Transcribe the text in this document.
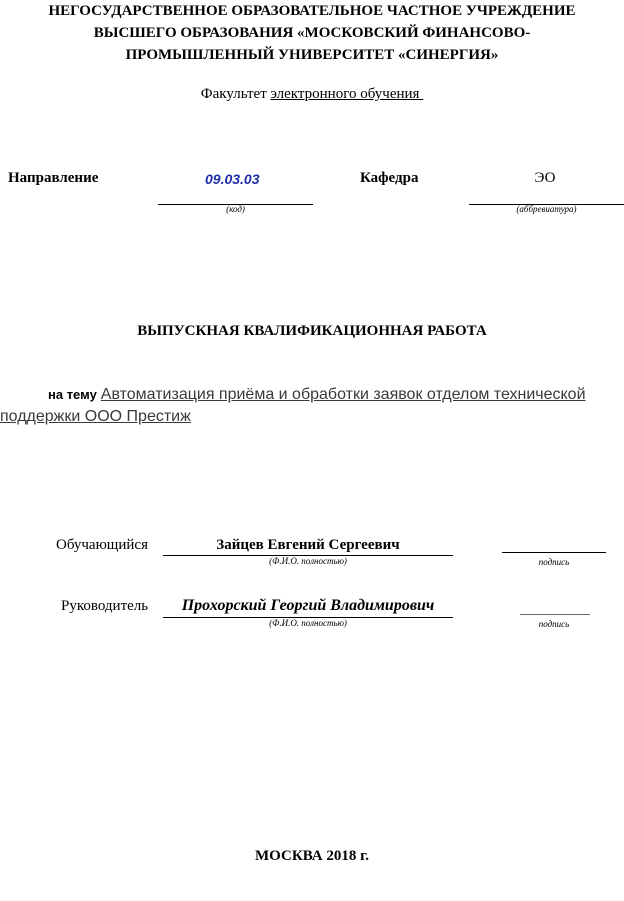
НЕГОСУДАРСТВЕННОЕ ОБРАЗОВАТЕЛЬНОЕ ЧАСТНОЕ УЧРЕЖДЕНИЕ
ВЫСШЕГО ОБРАЗОВАНИЯ «МОСКОВСКИЙ ФИНАНСОВО-
ПРОМЫШЛЕННЫЙ УНИВЕРСИТЕТ «СИНЕРГИЯ»
Факультет электронного обучения
Направление	09.03.03
(код)
Кафедра	ЭО
(аббревиатура)
ВЫПУСКНАЯ КВАЛИФИКАЦИОННАЯ РАБОТА
на тему Автоматизация приёма и обработки заявок отделом технической
поддержки ООО Престиж
Обучающийся	Зайцев Евгений Сергеевич
(Ф.И.О. полностью)	подпись
Руководитель	Прохорский Георгий Владимирович
(Ф.И.О. полностью)	подпись
МОСКВА 2018 г.
